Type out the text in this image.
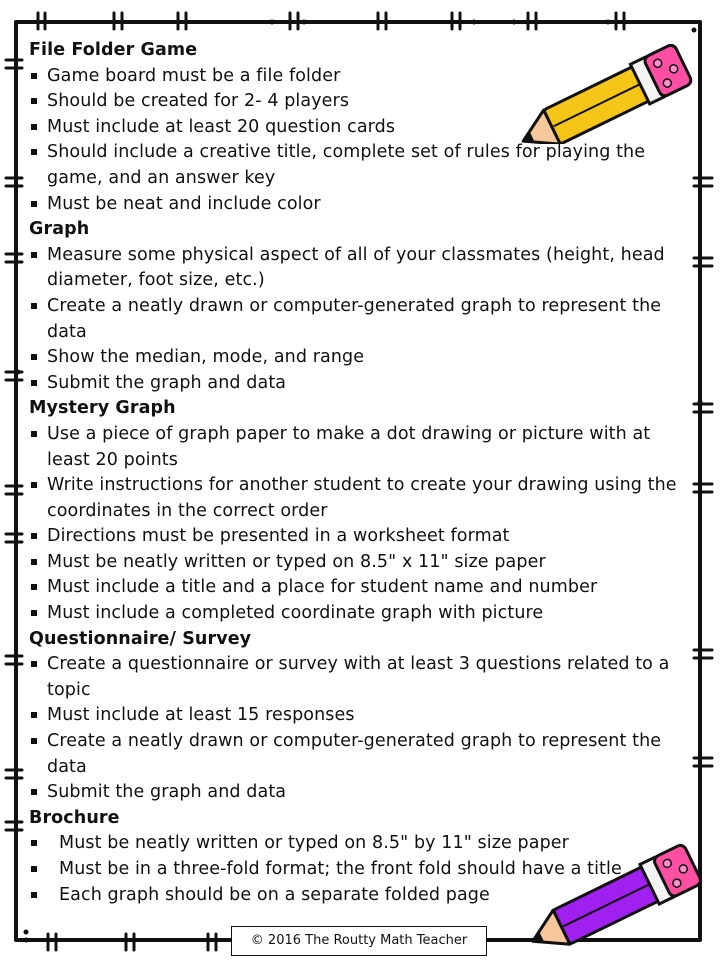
File Folder Game
Game board must be a file folder
Should be created for 2- 4 players
Must include at least 20 question cards
Should include a creative title, complete set of rules for playing the game, and an answer key
Must be neat and include color
Graph
Measure some physical aspect of all of your classmates (height, head diameter, foot size, etc.)
Create a neatly drawn or computer-generated graph to represent the data
Show the median, mode, and range
Submit the graph and data
Mystery Graph
Use a piece of graph paper to make a dot drawing or picture with at least 20 points
Write instructions for another student to create your drawing using the coordinates in the correct order
Directions must be presented in a worksheet format
Must be neatly written or typed on 8.5" x 11" size paper
Must include a title and a place for student name and number
Must include a completed coordinate graph with picture
Questionnaire/ Survey
Create a questionnaire or survey with at least 3 questions related to a topic
Must include at least 15 responses
Create a neatly drawn or computer-generated graph to represent the data
Submit the graph and data
Brochure
Must be neatly written or typed on 8.5" by 11" size paper
Must be in a three-fold format; the front fold should have a title
Each graph should be on a separate folded page
© 2016 The Routty Math Teacher
